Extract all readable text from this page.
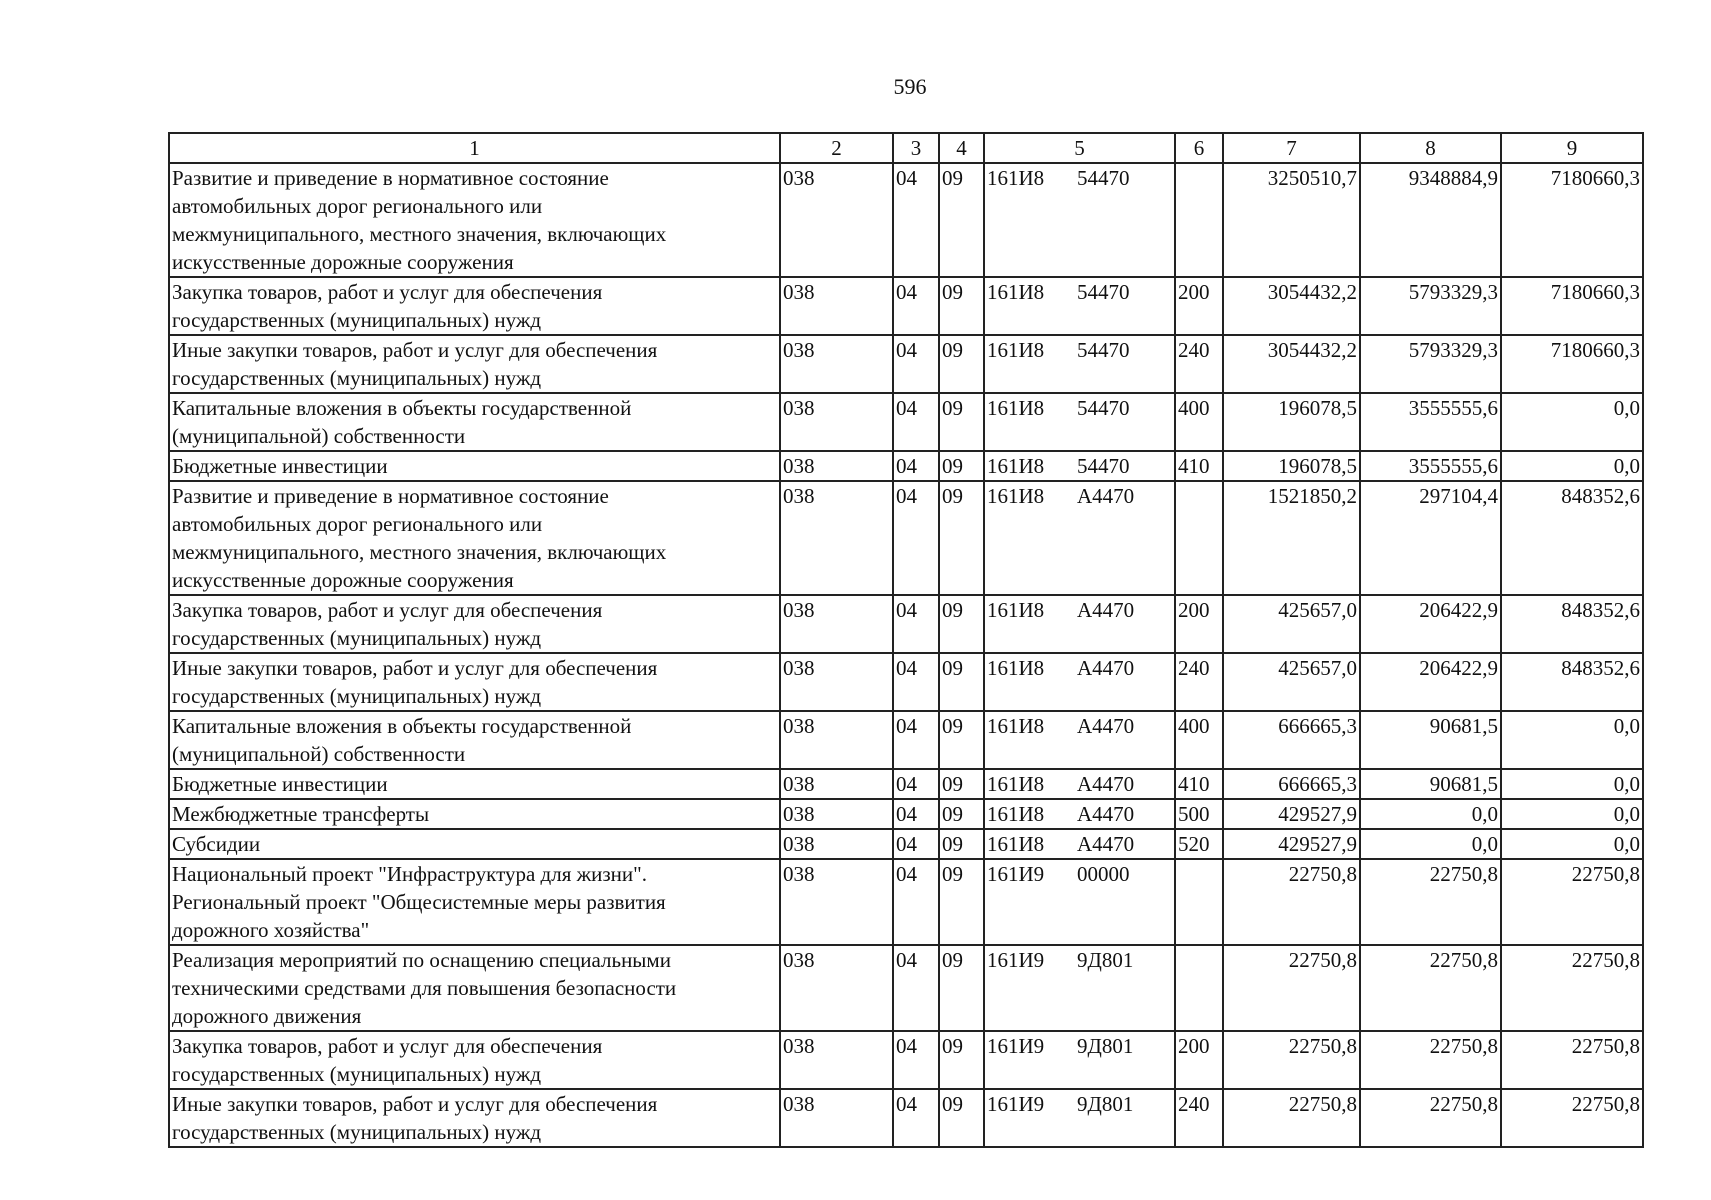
596
1	2	3	4	5	6	7	8	9
Развитие и приведение в нормативное состояние
автомобильных дорог регионального или
межмуниципального, местного значения, включающих
искусственные дорожные сооружения	038	04	09	161И8 54470		3250510,7	9348884,9	7180660,3
Закупка товаров, работ и услуг для обеспечения
государственных (муниципальных) нужд	038	04	09	161И8 54470	200	3054432,2	5793329,3	7180660,3
Иные закупки товаров, работ и услуг для обеспечения
государственных (муниципальных) нужд	038	04	09	161И8 54470	240	3054432,2	5793329,3	7180660,3
Капитальные вложения в объекты государственной
(муниципальной) собственности	038	04	09	161И8 54470	400	196078,5	3555555,6	0,0
Бюджетные инвестиции	038	04	09	161И8 54470	410	196078,5	3555555,6	0,0
Развитие и приведение в нормативное состояние
автомобильных дорог регионального или
межмуниципального, местного значения, включающих
искусственные дорожные сооружения	038	04	09	161И8 А4470		1521850,2	297104,4	848352,6
Закупка товаров, работ и услуг для обеспечения
государственных (муниципальных) нужд	038	04	09	161И8 А4470	200	425657,0	206422,9	848352,6
Иные закупки товаров, работ и услуг для обеспечения
государственных (муниципальных) нужд	038	04	09	161И8 А4470	240	425657,0	206422,9	848352,6
Капитальные вложения в объекты государственной
(муниципальной) собственности	038	04	09	161И8 А4470	400	666665,3	90681,5	0,0
Бюджетные инвестиции	038	04	09	161И8 А4470	410	666665,3	90681,5	0,0
Межбюджетные трансферты	038	04	09	161И8 А4470	500	429527,9	0,0	0,0
Субсидии	038	04	09	161И8 А4470	520	429527,9	0,0	0,0
Национальный проект "Инфраструктура для жизни".
Региональный проект "Общесистемные меры развития
дорожного хозяйства"	038	04	09	161И9 00000		22750,8	22750,8	22750,8
Реализация мероприятий по оснащению специальными
техническими средствами для повышения безопасности
дорожного движения	038	04	09	161И9 9Д801		22750,8	22750,8	22750,8
Закупка товаров, работ и услуг для обеспечения
государственных (муниципальных) нужд	038	04	09	161И9 9Д801	200	22750,8	22750,8	22750,8
Иные закупки товаров, работ и услуг для обеспечения
государственных (муниципальных) нужд	038	04	09	161И9 9Д801	240	22750,8	22750,8	22750,8
